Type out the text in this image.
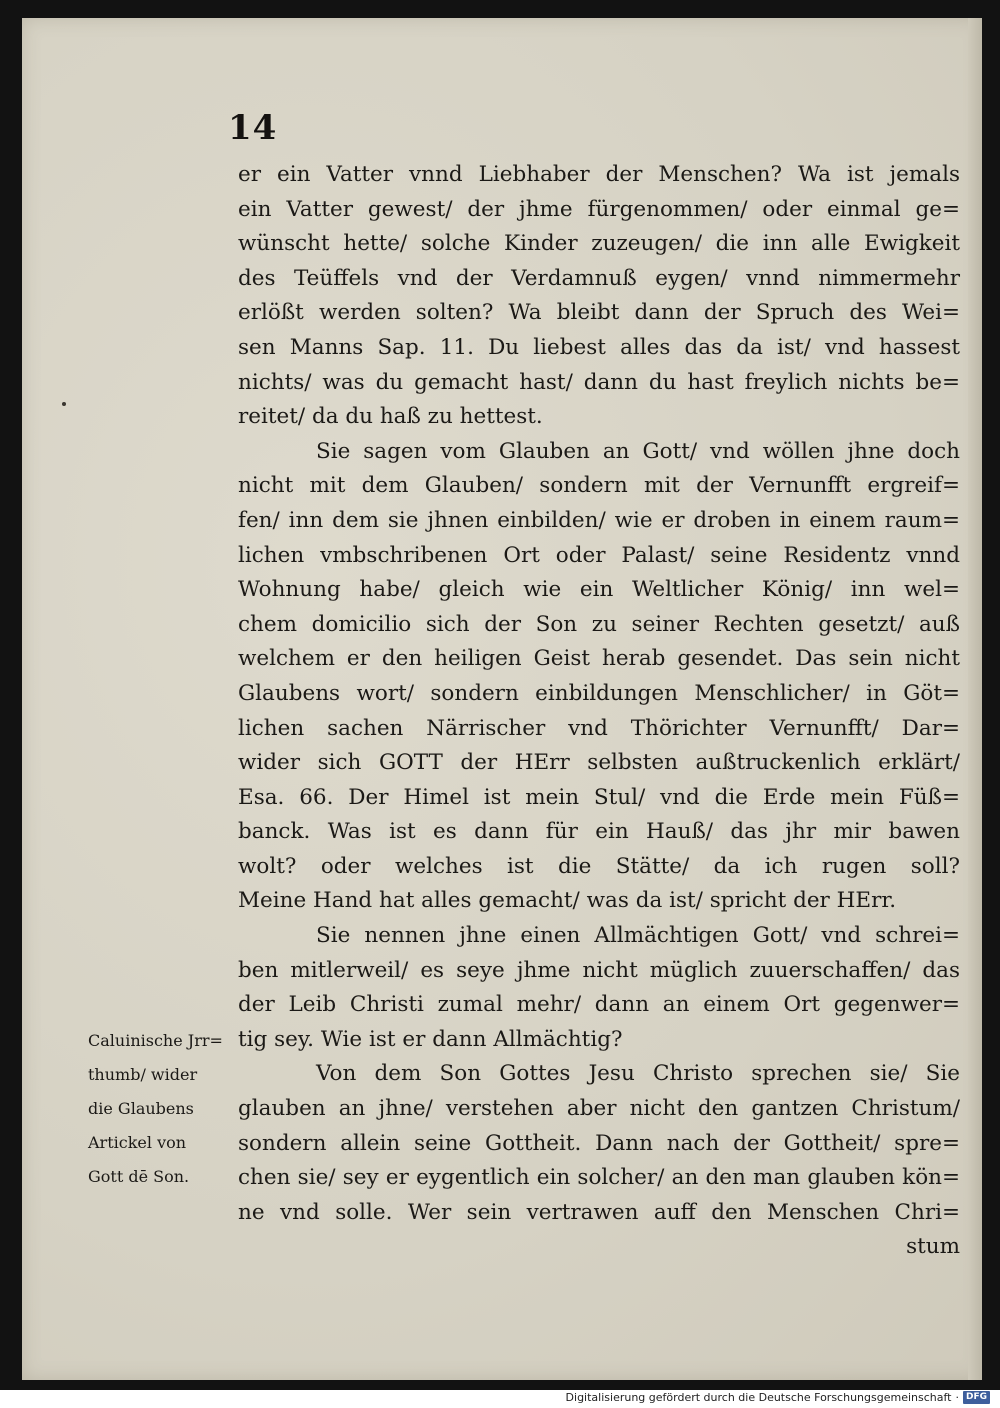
14
er ein Vatter vnnd Liebhaber der Menschen? Wa ist jemals
ein Vatter gewest/ der jhme fürgenommen/ oder einmal ge=
wünscht hette/ solche Kinder zuzeugen/ die inn alle Ewigkeit
des Teüffels vnd der Verdamnuß eygen/ vnnd nimmermehr
erlößt werden solten? Wa bleibt dann der Spruch des Wei=
sen Manns Sap. 11. Du liebest alles das da ist/ vnd hassest
nichts/ was du gemacht hast/ dann du hast freylich nichts be=
reitet/ da du haß zu hettest.
Sie sagen vom Glauben an Gott/ vnd wöllen jhne doch
nicht mit dem Glauben/ sondern mit der Vernunfft ergreif=
fen/ inn dem sie jhnen einbilden/ wie er droben in einem raum=
lichen vmbschribenen Ort oder Palast/ seine Residentz vnnd
Wohnung habe/ gleich wie ein Weltlicher König/ inn wel=
chem domicilio sich der Son zu seiner Rechten gesetzt/ auß
welchem er den heiligen Geist herab gesendet. Das sein nicht
Glaubens wort/ sondern einbildungen Menschlicher/ in Göt=
lichen sachen Närrischer vnd Thörichter Vernunfft/ Dar=
wider sich GOTT der HErr selbsten außtruckenlich erklärt/
Esa. 66. Der Himel ist mein Stul/ vnd die Erde mein Füß=
banck. Was ist es dann für ein Hauß/ das jhr mir bawen
wolt? oder welches ist die Stätte/ da ich rugen soll?
Meine Hand hat alles gemacht/ was da ist/ spricht der HErr.
Sie nennen jhne einen Allmächtigen Gott/ vnd schrei=
ben mitlerweil/ es seye jhme nicht müglich zuuerschaffen/ das
der Leib Christi zumal mehr/ dann an einem Ort gegenwer=
tig sey. Wie ist er dann Allmächtig?
Von dem Son Gottes Jesu Christo sprechen sie/ Sie
glauben an jhne/ verstehen aber nicht den gantzen Christum/
sondern allein seine Gottheit. Dann nach der Gottheit/ spre=
chen sie/ sey er eygentlich ein solcher/ an den man glauben kön=
ne vnd solle. Wer sein vertrawen auff den Menschen Chri=
stum
Caluinische Jrr=
thumb/ wider
die Glaubens
Artickel von
Gott dē Son.
Digitalisierung gefördert durch die Deutsche Forschungsgemeinschaft · DFG
